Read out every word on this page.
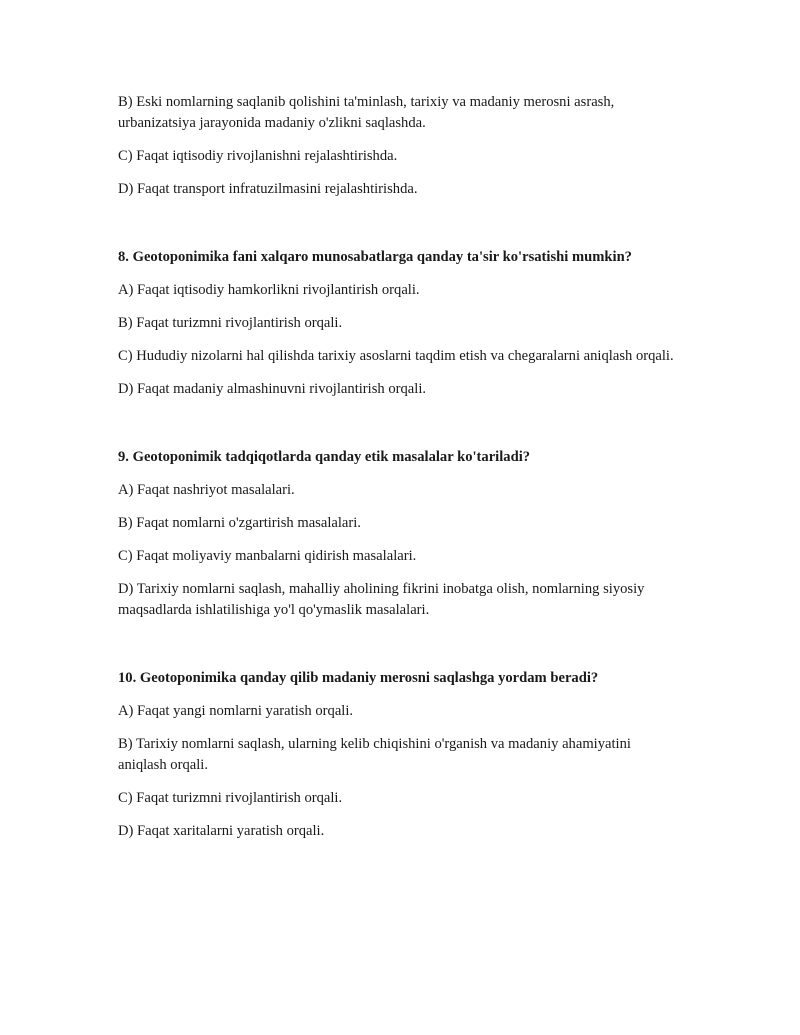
B) Eski nomlarning saqlanib qolishini ta'minlash, tarixiy va madaniy merosni asrash, urbanizatsiya jarayonida madaniy o'zlikni saqlashda.

C) Faqat iqtisodiy rivojlanishni rejalashtirishda.

D) Faqat transport infratuzilmasini rejalashtirishda.

8. Geotoponimika fani xalqaro munosabatlarga qanday ta'sir ko'rsatishi mumkin?

A) Faqat iqtisodiy hamkorlikni rivojlantirish orqali.

B) Faqat turizmni rivojlantirish orqali.

C) Hududiy nizolarni hal qilishda tarixiy asoslarni taqdim etish va chegaralarni aniqlash orqali.

D) Faqat madaniy almashinuvni rivojlantirish orqali.

9. Geotoponimik tadqiqotlarda qanday etik masalalar ko'tariladi?

A) Faqat nashriyot masalalari.

B) Faqat nomlarni o'zgartirish masalalari.

C) Faqat moliyaviy manbalarni qidirish masalalari.

D) Tarixiy nomlarni saqlash, mahalliy aholining fikrini inobatga olish, nomlarning siyosiy maqsadlarda ishlatilishiga yo'l qo'ymaslik masalalari.

10. Geotoponimika qanday qilib madaniy merosni saqlashga yordam beradi?

A) Faqat yangi nomlarni yaratish orqali.

B) Tarixiy nomlarni saqlash, ularning kelib chiqishini o'rganish va madaniy ahamiyatini aniqlash orqali.

C) Faqat turizmni rivojlantirish orqali.

D) Faqat xaritalarni yaratish orqali.
